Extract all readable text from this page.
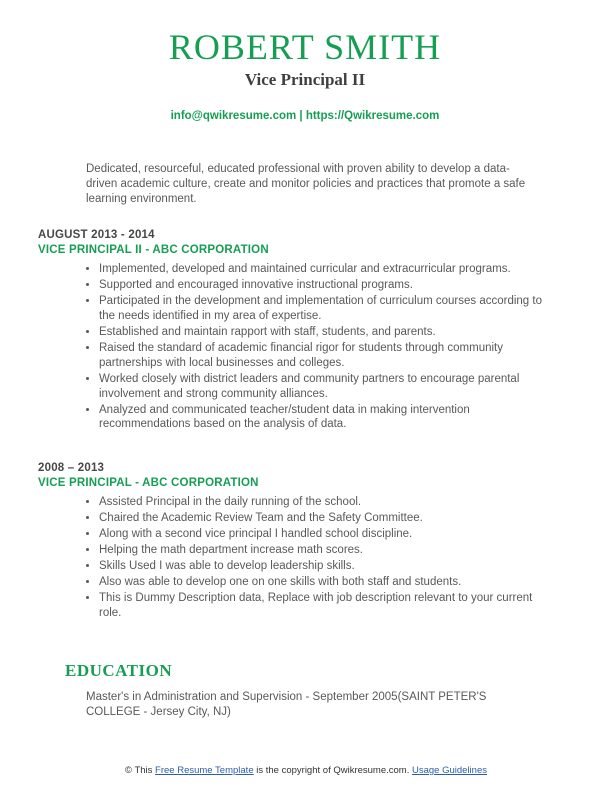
ROBERT SMITH
Vice Principal II
info@qwikresume.com | https://Qwikresume.com

Dedicated, resourceful, educated professional with proven ability to develop a data-driven academic culture, create and monitor policies and practices that promote a safe learning environment.

AUGUST 2013 - 2014
VICE PRINCIPAL II - ABC CORPORATION
• Implemented, developed and maintained curricular and extracurricular programs.
• Supported and encouraged innovative instructional programs.
• Participated in the development and implementation of curriculum courses according to the needs identified in my area of expertise.
• Established and maintain rapport with staff, students, and parents.
• Raised the standard of academic financial rigor for students through community partnerships with local businesses and colleges.
• Worked closely with district leaders and community partners to encourage parental involvement and strong community alliances.
• Analyzed and communicated teacher/student data in making intervention recommendations based on the analysis of data.
2008 – 2013
VICE PRINCIPAL - ABC CORPORATION
• Assisted Principal in the daily running of the school.
• Chaired the Academic Review Team and the Safety Committee.
• Along with a second vice principal I handled school discipline.
• Helping the math department increase math scores.
• Skills Used I was able to develop leadership skills.
• Also was able to develop one on one skills with both staff and students.
• This is Dummy Description data, Replace with job description relevant to your current role.
EDUCATION

Master's in Administration and Supervision - September 2005(SAINT PETER'S COLLEGE - Jersey City, NJ)

© This Free Resume Template is the copyright of Qwikresume.com. Usage Guidelines
